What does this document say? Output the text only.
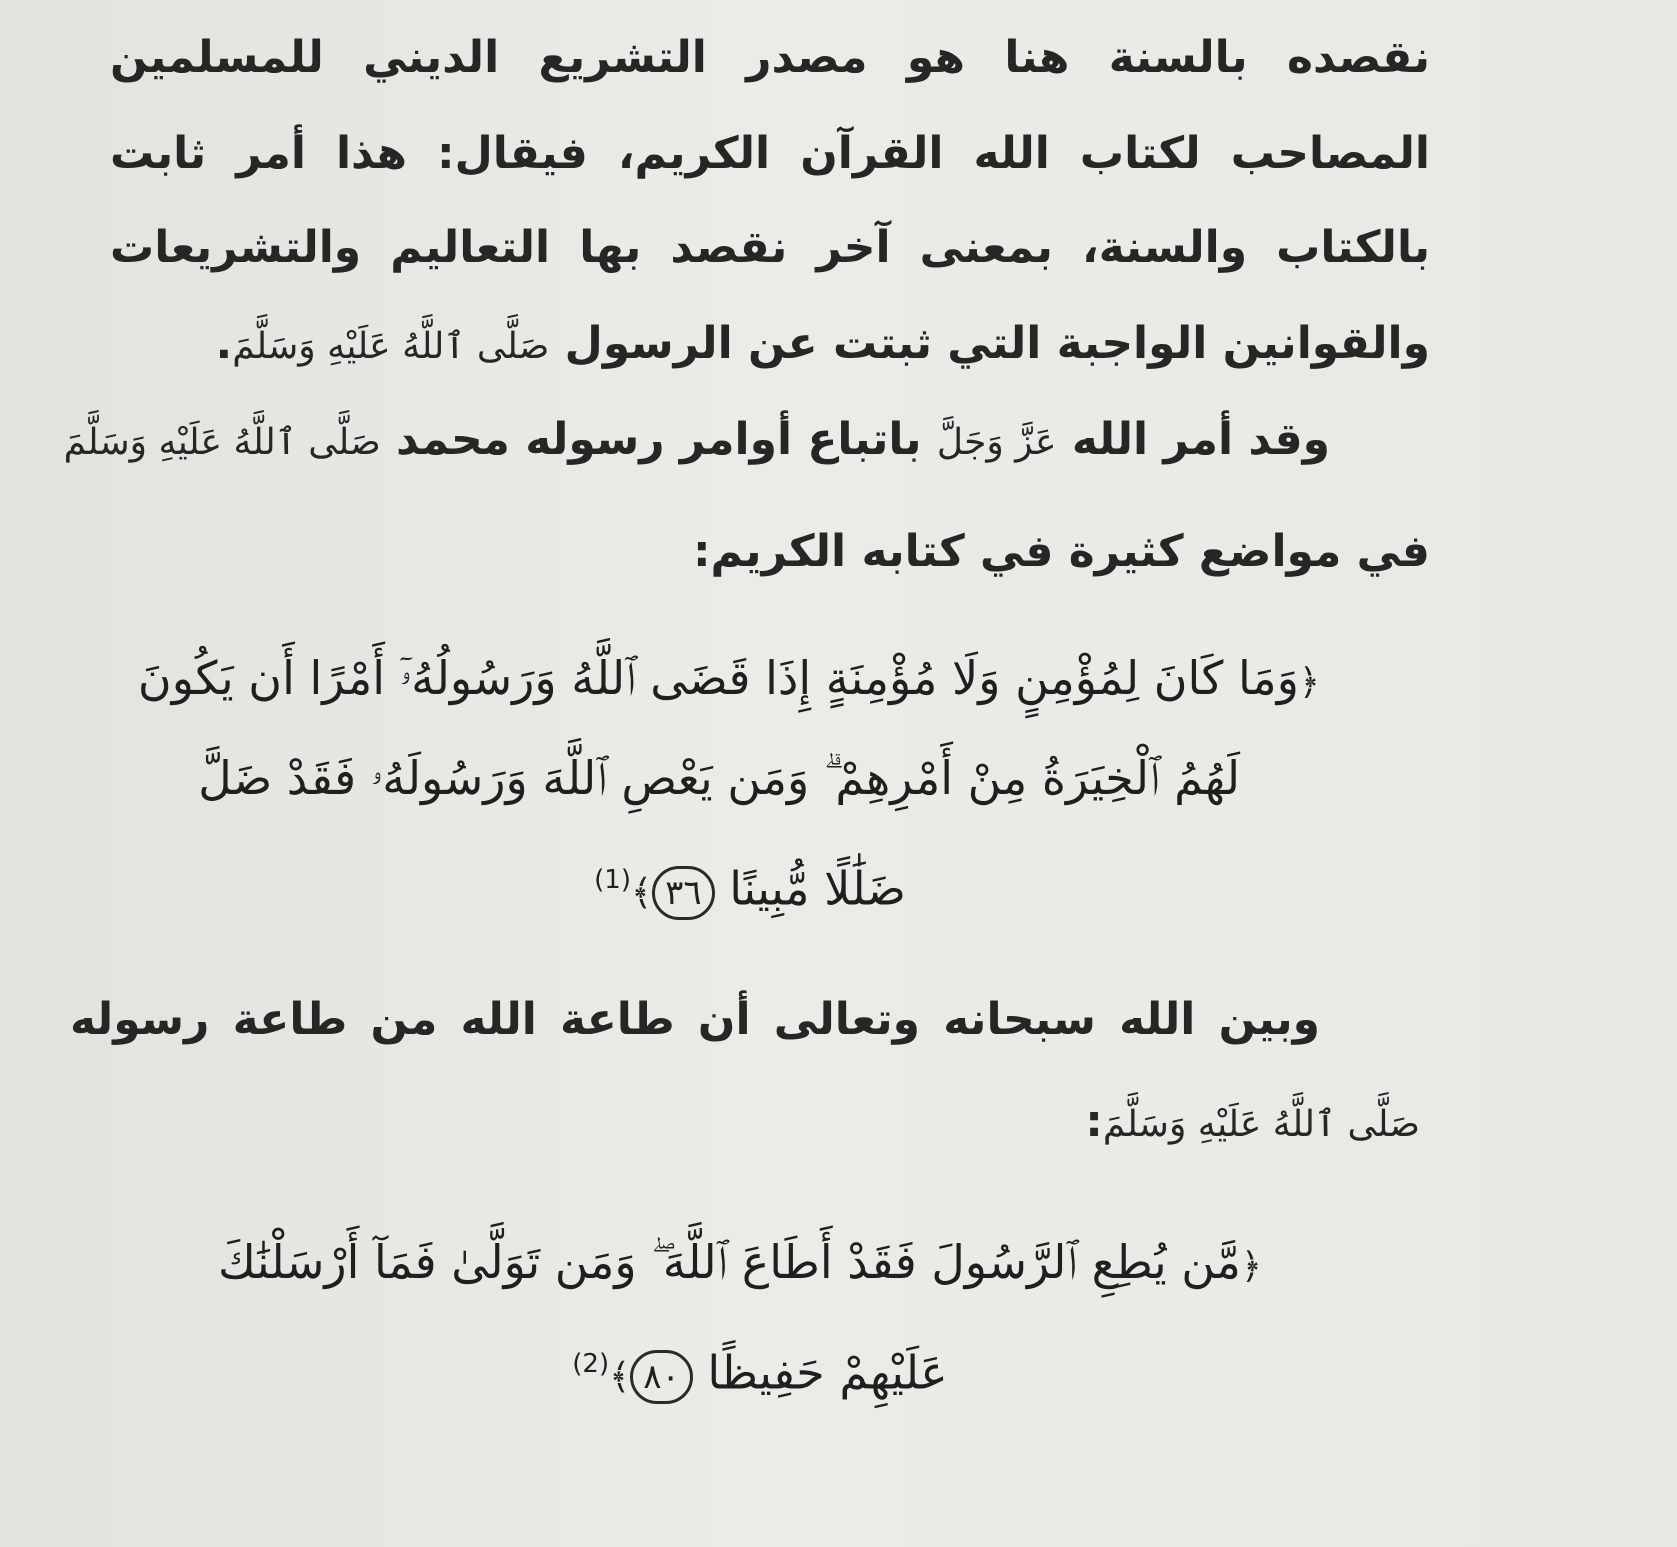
نقصده بالسنة هنا هو مصدر التشريع الديني للمسلمين
المصاحب لكتاب الله القرآن الكريم، فيقال: هذا أمر ثابت
بالكتاب والسنة، بمعنى آخر نقصد بها التعاليم والتشريعات
والقوانين الواجبة التي ثبتت عن الرسول صَلَّى ٱللَّهُ عَلَيْهِ وَسَلَّمَ.
وقد أمر الله عَزَّ وَجَلَّ باتباع أوامر رسوله محمد صَلَّى ٱللَّهُ عَلَيْهِ وَسَلَّمَ
في مواضع كثيرة في كتابه الكريم:
﴿وَمَا كَانَ لِمُؤْمِنٍ وَلَا مُؤْمِنَةٍ إِذَا قَضَى ٱللَّهُ وَرَسُولُهُۥٓ أَمْرًا أَن يَكُونَ
لَهُمُ ٱلْخِيَرَةُ مِنْ أَمْرِهِمْ ۗ وَمَن يَعْصِ ٱللَّهَ وَرَسُولَهُۥ فَقَدْ ضَلَّ
ضَلَٰلًا مُّبِينًا ٣٦﴾$^{(1)}$
وبين الله سبحانه وتعالى أن طاعة الله من طاعة رسوله
صَلَّى ٱللَّهُ عَلَيْهِ وَسَلَّمَ:
﴿مَّن يُطِعِ ٱلرَّسُولَ فَقَدْ أَطَاعَ ٱللَّهَ ۖ وَمَن تَوَلَّىٰ فَمَآ أَرْسَلْنَٰكَ
عَلَيْهِمْ حَفِيظًا ٨٠﴾$^{(2)}$
